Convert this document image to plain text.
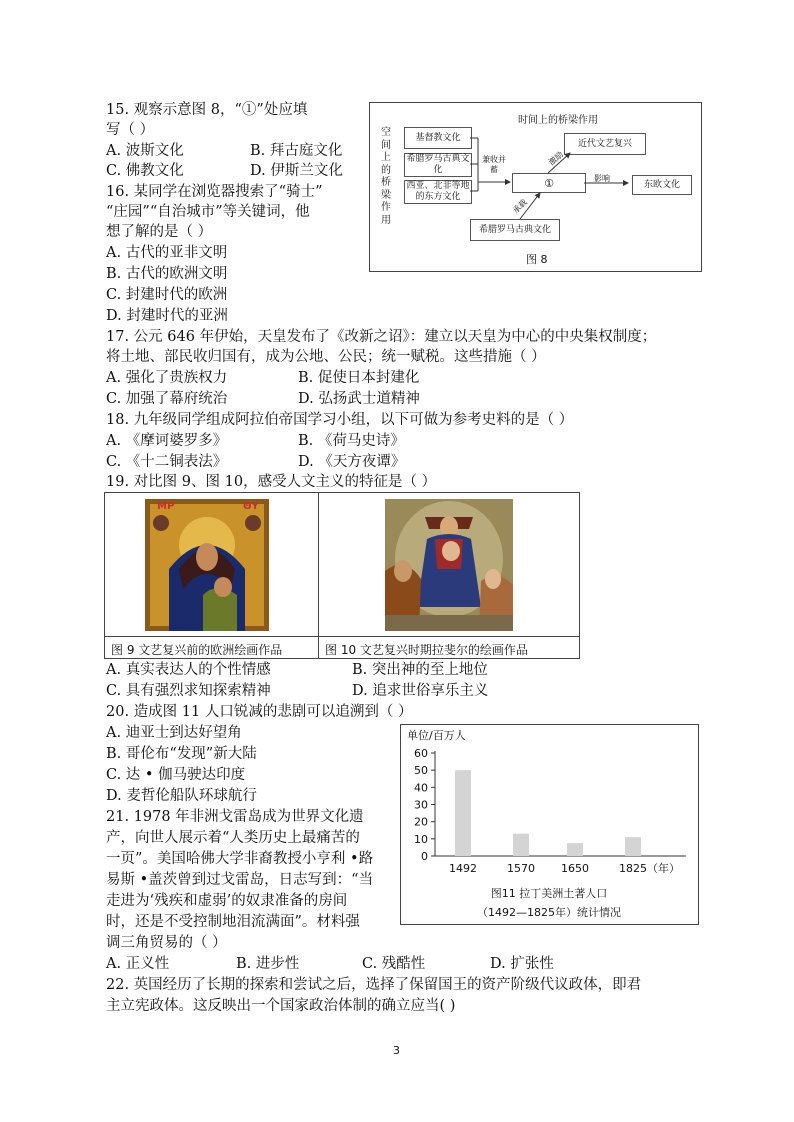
15. 观察示意图 8，“①”处应填
写（ ）
A. 波斯文化	B. 拜古庭文化
C. 佛教文化	D. 伊斯兰文化
16. 某同学在浏览器搜索了“骑士”
“庄园”“自治城市”等关键词，他
想了解的是（ ）
A. 古代的亚非文明
B. 古代的欧洲文明
C. 封建时代的欧洲
D. 封建时代的亚洲
时间上的桥梁作用
空
间
上
的
桥
梁
作
用
基督教文化
希腊罗马古典文化
西亚、北非等地的东方文化
①
近代文艺复兴
东欧文化
希腊罗马古典文化
兼收并蓄
激励
影响
承载
图 8
17. 公元 646 年伊始，天皇发布了《改新之诏》：建立以天皇为中心的中央集权制度；
将土地、部民收归国有，成为公地、公民；统一赋税。这些措施（ ）
A. 强化了贵族权力	B. 促使日本封建化
C. 加强了幕府统治	D. 弘扬武士道精神
18. 九年级同学组成阿拉伯帝国学习小组，以下可做为参考史料的是（ ）
A. 《摩诃婆罗多》	B. 《荷马史诗》
C. 《十二铜表法》	D. 《天方夜谭》
19. 对比图 9、图 10，感受人文主义的特征是（ ）
MP	ΘY
图 9 文艺复兴前的欧洲绘画作品	图 10 文艺复兴时期拉斐尔的绘画作品
A. 真实表达人的个性情感	B. 突出神的至上地位
C. 具有强烈求知探索精神	D. 追求世俗享乐主义
20. 造成图 11 人口锐减的悲剧可以追溯到（ ）
A. 迪亚士到达好望角
B. 哥伦布“发现”新大陆
C. 达 • 伽马驶达印度
D. 麦哲伦船队环球航行
单位/百万人
0
10
20
30
40
50
60
1492	1570 1650	1825（年）
图11 拉丁美洲土著人口
（1492—1825年）统计情况
21. 1978 年非洲戈雷岛成为世界文化遗
产，向世人展示着“人类历史上最痛苦的
一页”。美国哈佛大学非裔教授小亨利 •路
易斯 •盖茨曾到过戈雷岛，日志写到：“当
走进为‘残疾和虚弱’的奴隶准备的房间
时，还是不受控制地泪流满面”。材料强
调三角贸易的（ ）
A. 正义性	B. 进步性	C. 残酷性	D. 扩张性
22. 英国经历了长期的探索和尝试之后，选择了保留国王的资产阶级代议政体，即君
主立宪政体。这反映出一个国家政治体制的确立应当( )
3
